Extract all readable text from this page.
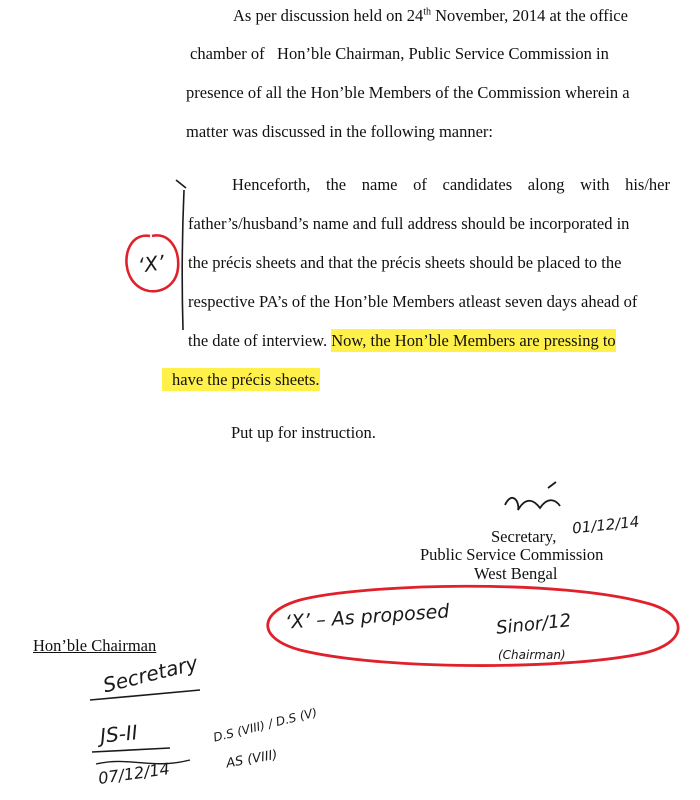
As per discussion held on 24th November, 2014 at the office
chamber of   Hon’ble Chairman, Public Service Commission in
presence of all the Hon’ble Members of the Commission wherein a
matter was discussed in the following manner:
Henceforth, the name of candidates along with his/her
father’s/husband’s name and full address should be incorporated in
the précis sheets and that the précis sheets should be placed to the
respective PA’s of the Hon’ble Members atleast seven days ahead of
the date of interview. Now, the Hon’ble Members are pressing to
have the précis sheets.
Put up for instruction.
Secretary,
Public Service Commission
West Bengal
Hon’ble Chairman
‘X’
01/12/14
‘X’ – As proposed	Sinor/12
(Chairman)
Secretary
JS-II
07/12/14
D.S (VIII) / D.S (V)
AS (VIII)
